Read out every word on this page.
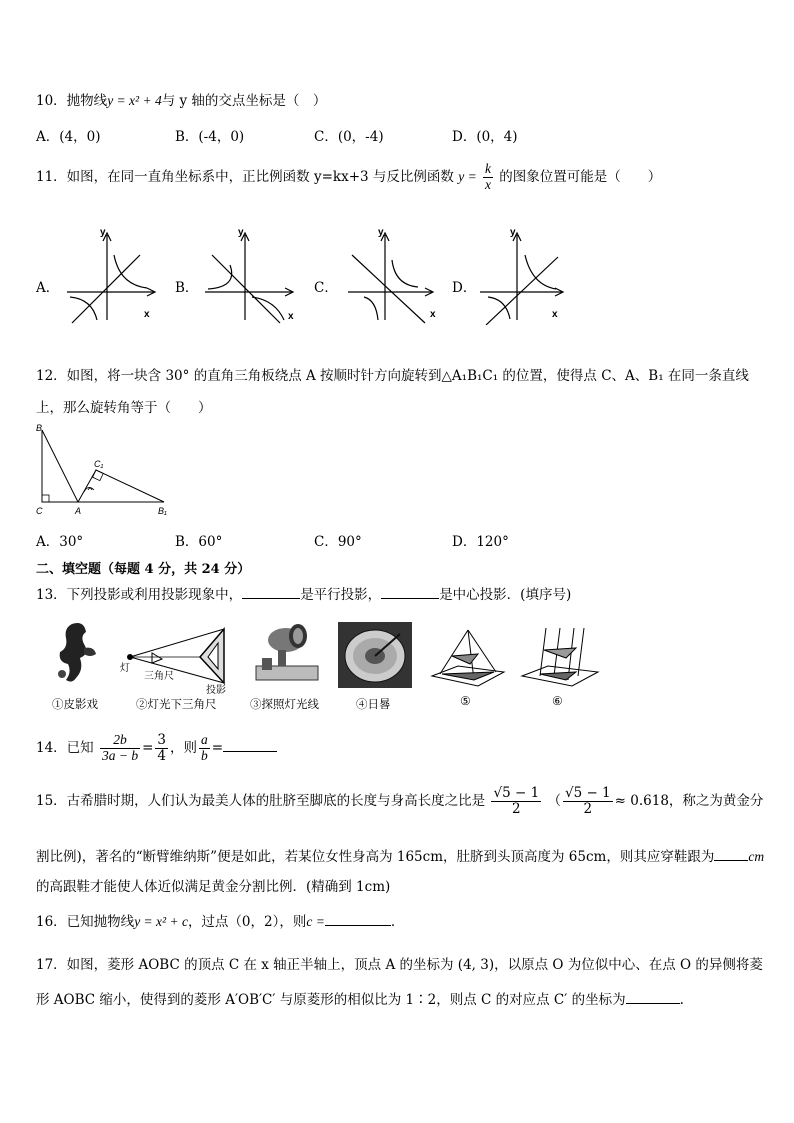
10．抛物线y = x² + 4与 y 轴的交点坐标是（　）
A．(4，0)	B．(-4，0)	C．(0，-4)	D．(0，4)
11．如图，在同一直角坐标系中，正比例函数 y=kx+3 与反比例函数 $y = \frac{k}{x}$ 的图象位置可能是（　　）
A．	B．	C．	D．
y
x
y
x
y
x
y
x
12．如图，将一块含 30° 的直角三角板绕点 A 按顺时针方向旋转到△A₁B₁C₁ 的位置，使得点 C、A、B₁ 在同一条直线
上，那么旋转角等于（　　）
B
C	A	B₁
C₁
A．30°	B．60°	C．90°	D．120°
二、填空题（每题 4 分，共 24 分）
13．下列投影或利用投影现象中，	是平行投影，	是中心投影．(填序号)
灯
三角尺
投影
①皮影戏	②灯光下三角尺	③探照灯光线	④日晷	⑤	⑥
14．已知 $\frac{2b}{3a - b} = \frac{3}{4}$ ，则 $\frac{a}{b}$ =
15．古希腊时期，人们认为最美人体的肚脐至脚底的长度与身高长度之比是 $\frac{√5 - 1}{2}$ （ $\frac{√5 - 1}{2} \approx 0.618$，称之为黄金分
割比例)，著名的“断臂维纳斯”便是如此，若某位女性身高为 165cm，肚脐到头顶高度为 65cm，则其应穿鞋跟为	cm
的高跟鞋才能使人体近似满足黄金分割比例．(精确到 1cm)
16．已知抛物线y = x² + c，过点（0，2），则c =	．
17．如图，菱形 AOBC 的顶点 C 在 x 轴正半轴上，顶点 A 的坐标为 (4, 3)，以原点 O 为位似中心、在点 O 的异侧将菱
形 AOBC 缩小，使得到的菱形 A′OB′C′ 与原菱形的相似比为 1∶2，则点 C 的对应点 C′ 的坐标为	.
